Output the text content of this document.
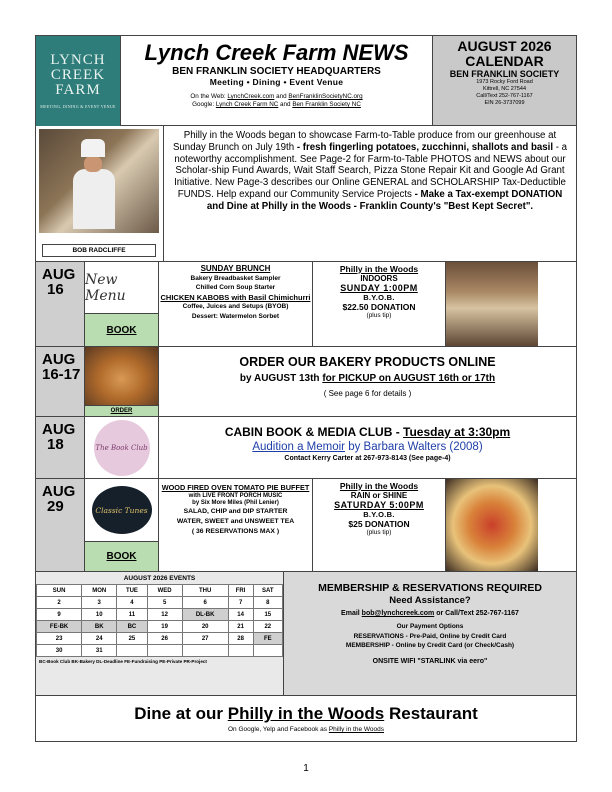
LYNCH
CREEK
FARM
MEETING, DINING & EVENT VENUE
Lynch Creek Farm NEWS
BEN FRANKLIN SOCIETY HEADQUARTERS
Meeting • Dining • Event Venue
On the Web: LynchCreek.com and BenFranklinSocietyNC.org
Google: Lynch Creek Farm NC and Ben Franklin Society NC
AUGUST 2026
CALENDAR
BEN FRANKLIN SOCIETY
1973 Rocky Ford Road
Kittrell, NC 27544
Call/Text 252-767-1167
EIN 26-3737099
BOB RADCLIFFE
Philly in the Woods began to showcase Farm-to-Table produce from our greenhouse at Sunday Brunch on July 19th - fresh fingerling potatoes, zucchinni, shallots and basil - a noteworthy accomplishment. See Page-2 for Farm-to-Table PHOTOS and NEWS about our Scholar-ship Fund Awards, Wait Staff Search, Pizza Stone Repair Kit and Google Ad Grant Initiative. New Page-3 describes our Online GENERAL and SCHOLARSHIP Tax-Deductible FUNDS. Help expand our Community Service Projects - Make a Tax-exempt DONATION and Dine at Philly in the Woods - Franklin County's "Best Kept Secret".
AUG
16
New Menu
BOOK
SUNDAY BRUNCH
Bakery Breadbasket Sampler
Chilled Corn Soup Starter
CHICKEN KABOBS with Basil Chimichurri
Coffee, Juices and Setups (BYOB)
Dessert: Watermelon Sorbet
Philly in the Woods
INDOORS
SUNDAY 1:00PM
B.Y.O.B.
$22.50 DONATION
(plus tip)
AUG
16-17
ORDER
ORDER OUR BAKERY PRODUCTS ONLINE
by AUGUST 13th for PICKUP on AUGUST 16th or 17th
( See page 6 for details )
AUG
18	The Book Club
CABIN BOOK & MEDIA CLUB - Tuesday at 3:30pm
Audition a Memoir by Barbara Walters (2008)
Contact Kerry Carter at 267-973-8143 (See page-4)
AUG
29	Classic Tunes
BOOK
WOOD FIRED OVEN TOMATO PIE BUFFET
with LIVE FRONT PORCH MUSIC
by Six More Miles (Phil Lenier)
SALAD, CHIP and DIP STARTER
WATER, SWEET and UNSWEET TEA
( 36 RESERVATIONS MAX )
Philly in the Woods
RAIN or SHINE
SATURDAY 5:00PM
B.Y.O.B.
$25 DONATION
(plus tip)
AUGUST 2026 EVENTS
SUN	MON	TUE	WED	THU	FRI	SAT
2	3	4	5	6	7	8
9	10	11	12	DL-BK	14	15
FE-BK	BK	BC	19	20	21	22
23	24	25	26	27	28	FE
30	31					
BC-Book Club BK-Bakery DL-Deadline FE-Fundraising PE-Private PR-Project
MEMBERSHIP & RESERVATIONS REQUIRED
Need Assistance?
Email bob@lynchcreek.com or Call/Text 252-767-1167
Our Payment Options
RESERVATIONS - Pre-Paid, Online by Credit Card
MEMBERSHIP - Online by Credit Card (or Check/Cash)
ONSITE WIFI "STARLINK via eero"
Dine at our Philly in the Woods Restaurant
On Google, Yelp and Facebook as Philly in the Woods
1
